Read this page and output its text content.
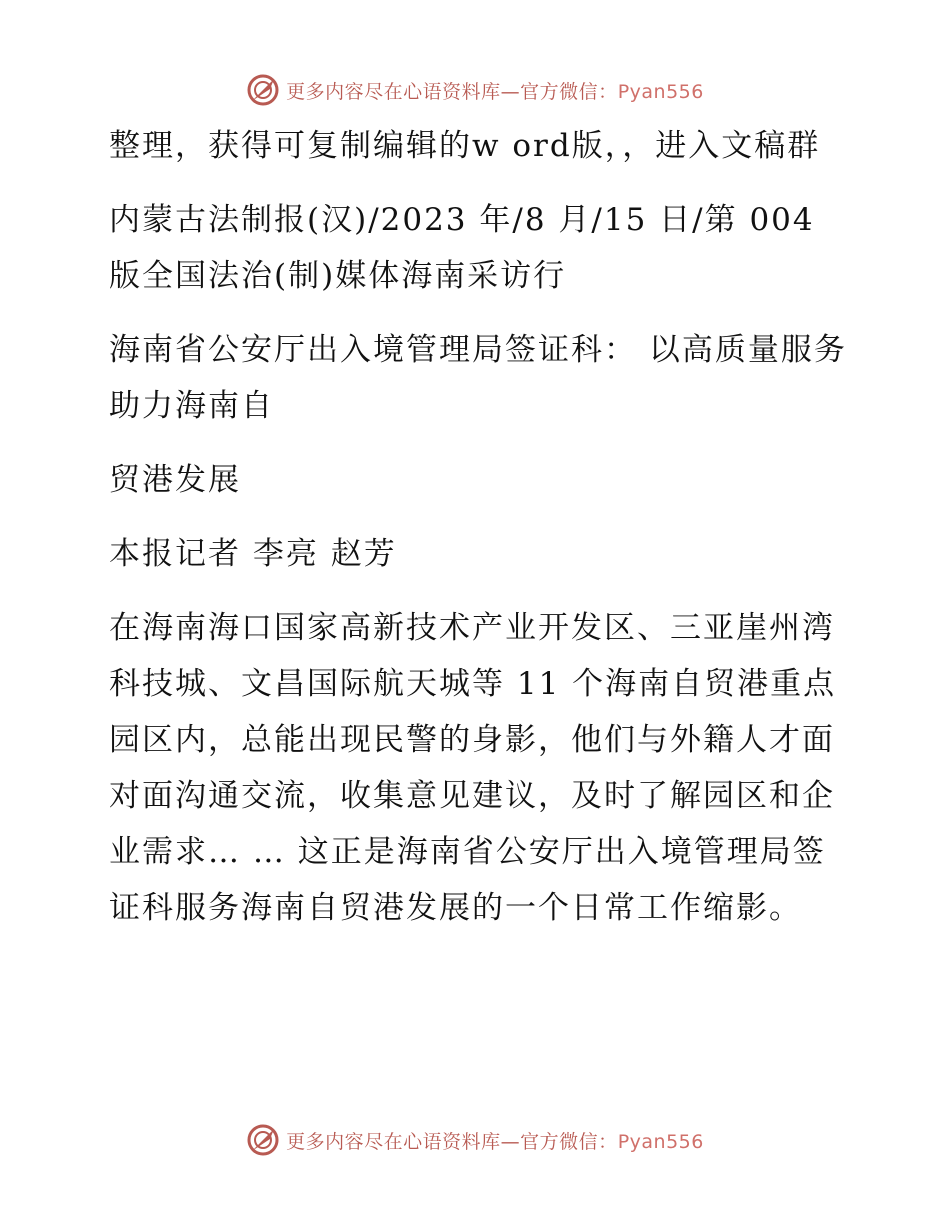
更多内容尽在心语资料库—官方微信：Pyan556

整理，获得可复制编辑的w ord版，，进入文稿群

内蒙古法制报(汉)/2023 年/8 月/15 日/第 004 版全国法治(制)媒体海南采访行

海南省公安厅出入境管理局签证科： 以高质量服务助力海南自

贸港发展

本报记者 李亮 赵芳

在海南海口国家高新技术产业开发区、三亚崖州湾科技城、文昌国际航天城等 11 个海南自贸港重点园区内，总能出现民警的身影，他们与外籍人才面对面沟通交流，收集意见建议，及时了解园区和企业需求… … 这正是海南省公安厅出入境管理局签证科服务海南自贸港发展的一个日常工作缩影。

更多内容尽在心语资料库—官方微信：Pyan556
